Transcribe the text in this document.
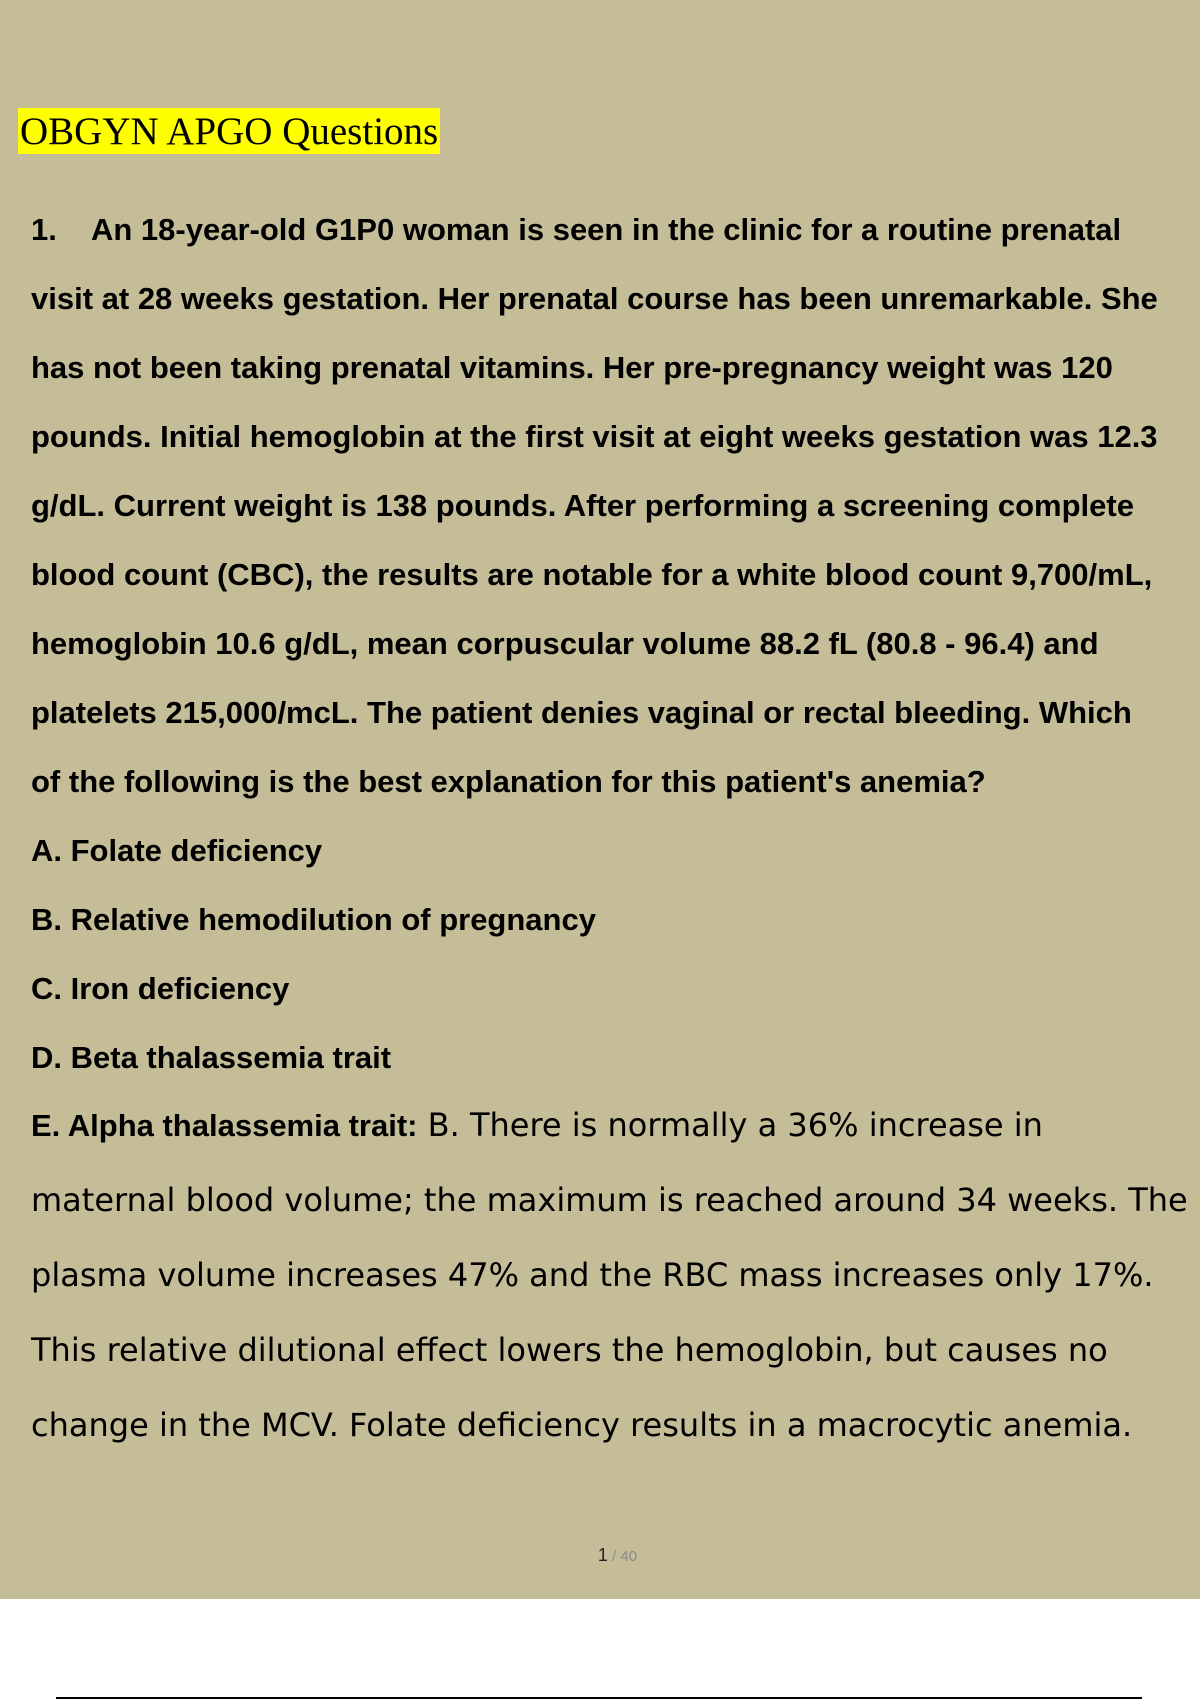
OBGYN APGO Questions
1. An 18-year-old G1P0 woman is seen in the clinic for a routine prenatal
visit at 28 weeks gestation. Her prenatal course has been unremarkable. She
has not been taking prenatal vitamins. Her pre-pregnancy weight was 120
pounds. Initial hemoglobin at the first visit at eight weeks gestation was 12.3
g/dL. Current weight is 138 pounds. After performing a screening complete
blood count (CBC), the results are notable for a white blood count 9,700/mL,
hemoglobin 10.6 g/dL, mean corpuscular volume 88.2 fL (80.8 - 96.4) and
platelets 215,000/mcL. The patient denies vaginal or rectal bleeding. Which
of the following is the best explanation for this patient's anemia?
A. Folate deficiency
B. Relative hemodilution of pregnancy
C. Iron deficiency
D. Beta thalassemia trait
E. Alpha thalassemia trait: B. There is normally a 36% increase in
maternal blood volume; the maximum is reached around 34 weeks. The
plasma volume increases 47% and the RBC mass increases only 17%.
This relative dilutional effect lowers the hemoglobin, but causes no
change in the MCV. Folate deficiency results in a macrocytic anemia.
1 / 40
